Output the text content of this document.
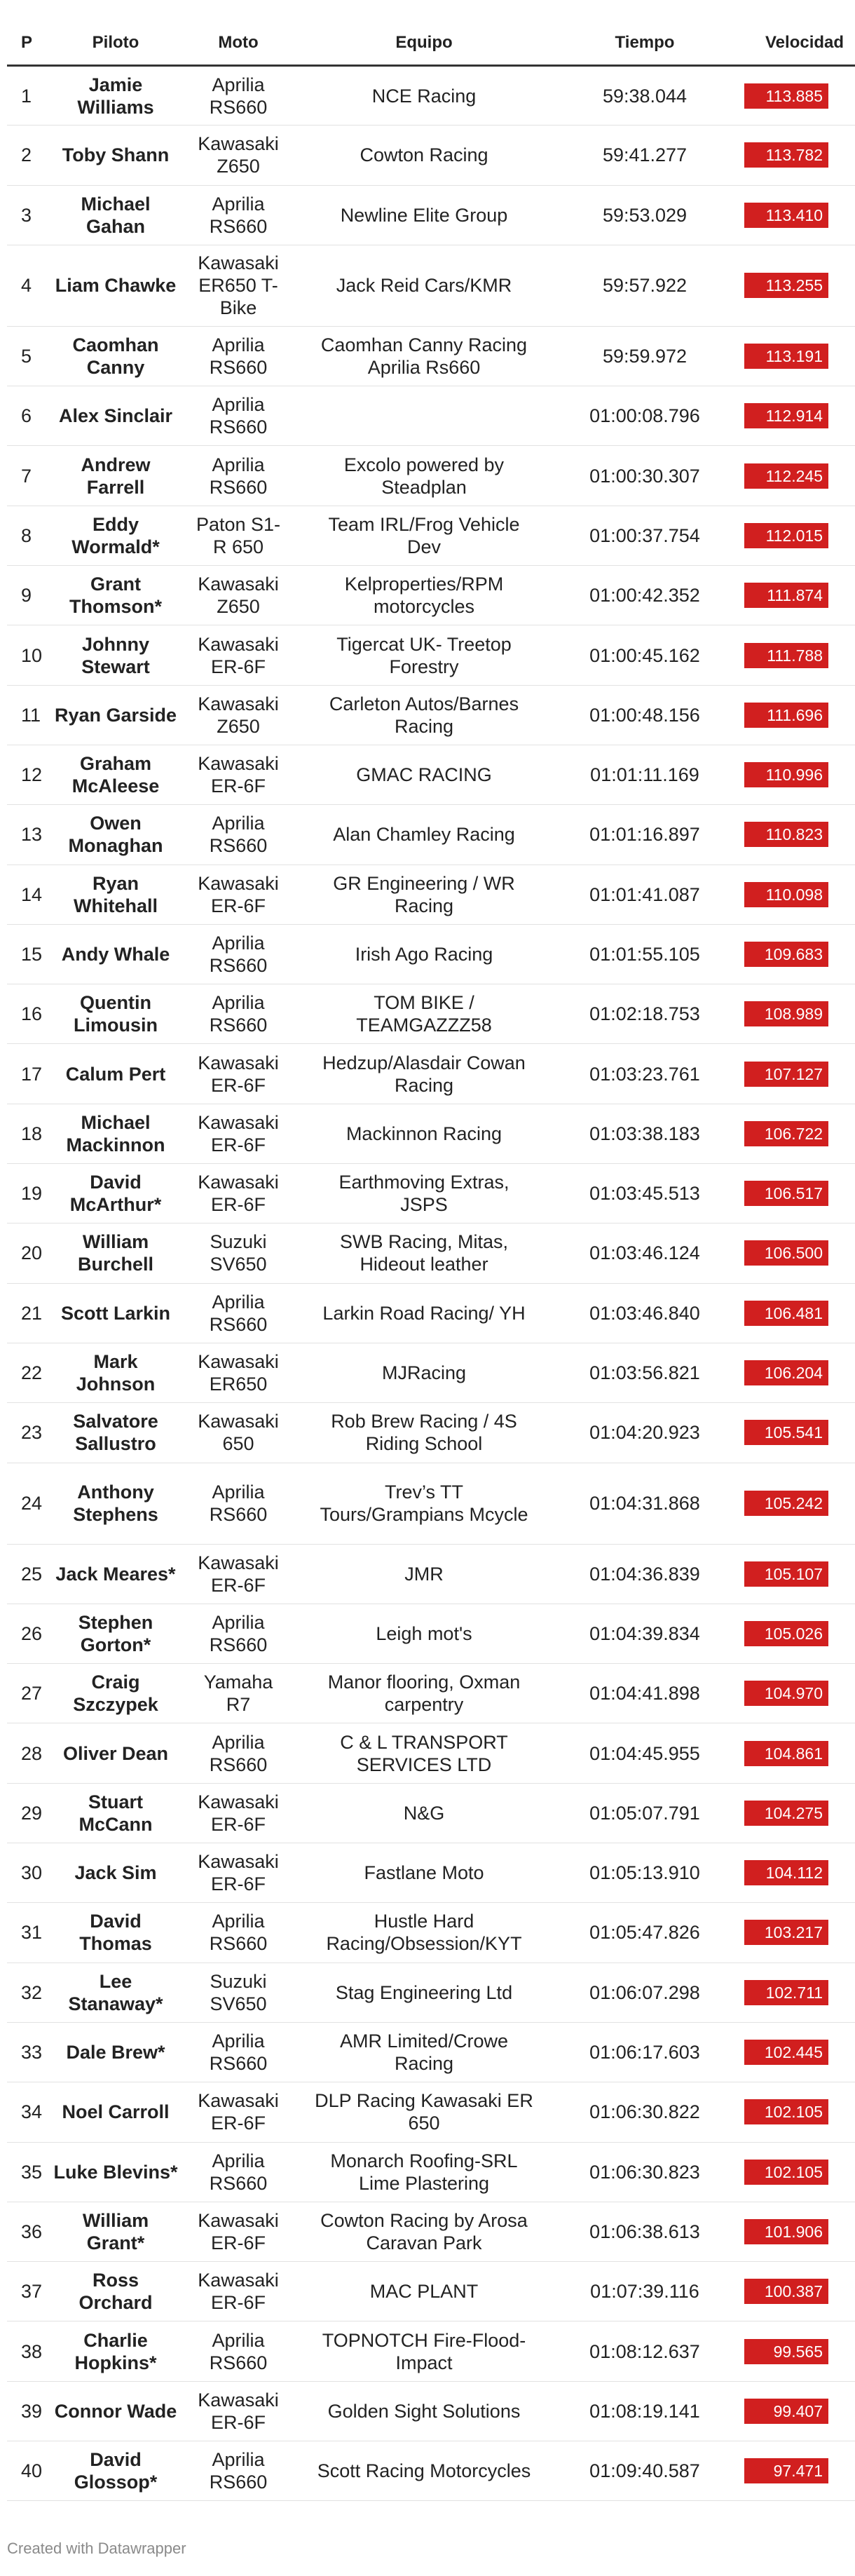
P	Piloto	Moto	Equipo	Tiempo	Velocidad
1	Jamie Williams	Aprilia RS660	NCE Racing	59:38.044	113.885
2	Toby Shann	Kawasaki Z650	Cowton Racing	59:41.277	113.782
3	Michael Gahan	Aprilia RS660	Newline Elite Group	59:53.029	113.410
4	Liam Chawke	Kawasaki ER650 T-Bike	Jack Reid Cars/KMR	59:57.922	113.255
5	Caomhan Canny	Aprilia RS660	Caomhan Canny Racing Aprilia Rs660	59:59.972	113.191
6	Alex Sinclair	Aprilia RS660		01:00:08.796	112.914
7	Andrew Farrell	Aprilia RS660	Excolo powered by Steadplan	01:00:30.307	112.245
8	Eddy Wormald*	Paton S1-R 650	Team IRL/Frog Vehicle Dev	01:00:37.754	112.015
9	Grant Thomson*	Kawasaki Z650	Kelproperties/RPM motorcycles	01:00:42.352	111.874
10	Johnny Stewart	Kawasaki ER-6F	Tigercat UK- Treetop Forestry	01:00:45.162	111.788
11	Ryan Garside	Kawasaki Z650	Carleton Autos/Barnes Racing	01:00:48.156	111.696
12	Graham McAleese	Kawasaki ER-6F	GMAC RACING	01:01:11.169	110.996
13	Owen Monaghan	Aprilia RS660	Alan Chamley Racing	01:01:16.897	110.823
14	Ryan Whitehall	Kawasaki ER-6F	GR Engineering / WR Racing	01:01:41.087	110.098
15	Andy Whale	Aprilia RS660	Irish Ago Racing	01:01:55.105	109.683
16	Quentin Limousin	Aprilia RS660	TOM BIKE / TEAMGAZZZ58	01:02:18.753	108.989
17	Calum Pert	Kawasaki ER-6F	Hedzup/Alasdair Cowan Racing	01:03:23.761	107.127
18	Michael Mackinnon	Kawasaki ER-6F	Mackinnon Racing	01:03:38.183	106.722
19	David McArthur*	Kawasaki ER-6F	Earthmoving Extras, JSPS	01:03:45.513	106.517
20	William Burchell	Suzuki SV650	SWB Racing, Mitas, Hideout leather	01:03:46.124	106.500
21	Scott Larkin	Aprilia RS660	Larkin Road Racing/ YH	01:03:46.840	106.481
22	Mark Johnson	Kawasaki ER650	MJRacing	01:03:56.821	106.204
23	Salvatore Sallustro	Kawasaki 650	Rob Brew Racing / 4S Riding School	01:04:20.923	105.541
24	Anthony Stephens	Aprilia RS660	Trev’s TT Tours/Grampians Mcycle	01:04:31.868	105.242
25	Jack Meares*	Kawasaki ER-6F	JMR	01:04:36.839	105.107
26	Stephen Gorton*	Aprilia RS660	Leigh mot's	01:04:39.834	105.026
27	Craig Szczypek	Yamaha R7	Manor flooring, Oxman carpentry	01:04:41.898	104.970
28	Oliver Dean	Aprilia RS660	C & L TRANSPORT SERVICES LTD	01:04:45.955	104.861
29	Stuart McCann	Kawasaki ER-6F	N&G	01:05:07.791	104.275
30	Jack Sim	Kawasaki ER-6F	Fastlane Moto	01:05:13.910	104.112
31	David Thomas	Aprilia RS660	Hustle Hard Racing/Obsession/KYT	01:05:47.826	103.217
32	Lee Stanaway*	Suzuki SV650	Stag Engineering Ltd	01:06:07.298	102.711
33	Dale Brew*	Aprilia RS660	AMR Limited/Crowe Racing	01:06:17.603	102.445
34	Noel Carroll	Kawasaki ER-6F	DLP Racing Kawasaki ER 650	01:06:30.822	102.105
35	Luke Blevins*	Aprilia RS660	Monarch Roofing-SRL Lime Plastering	01:06:30.823	102.105
36	William Grant*	Kawasaki ER-6F	Cowton Racing by Arosa Caravan Park	01:06:38.613	101.906
37	Ross Orchard	Kawasaki ER-6F	MAC PLANT	01:07:39.116	100.387
38	Charlie Hopkins*	Aprilia RS660	TOPNOTCH Fire-Flood-Impact	01:08:12.637	99.565
39	Connor Wade	Kawasaki ER-6F	Golden Sight Solutions	01:08:19.141	99.407
40	David Glossop*	Aprilia RS660	Scott Racing Motorcycles	01:09:40.587	97.471
Created with Datawrapper
